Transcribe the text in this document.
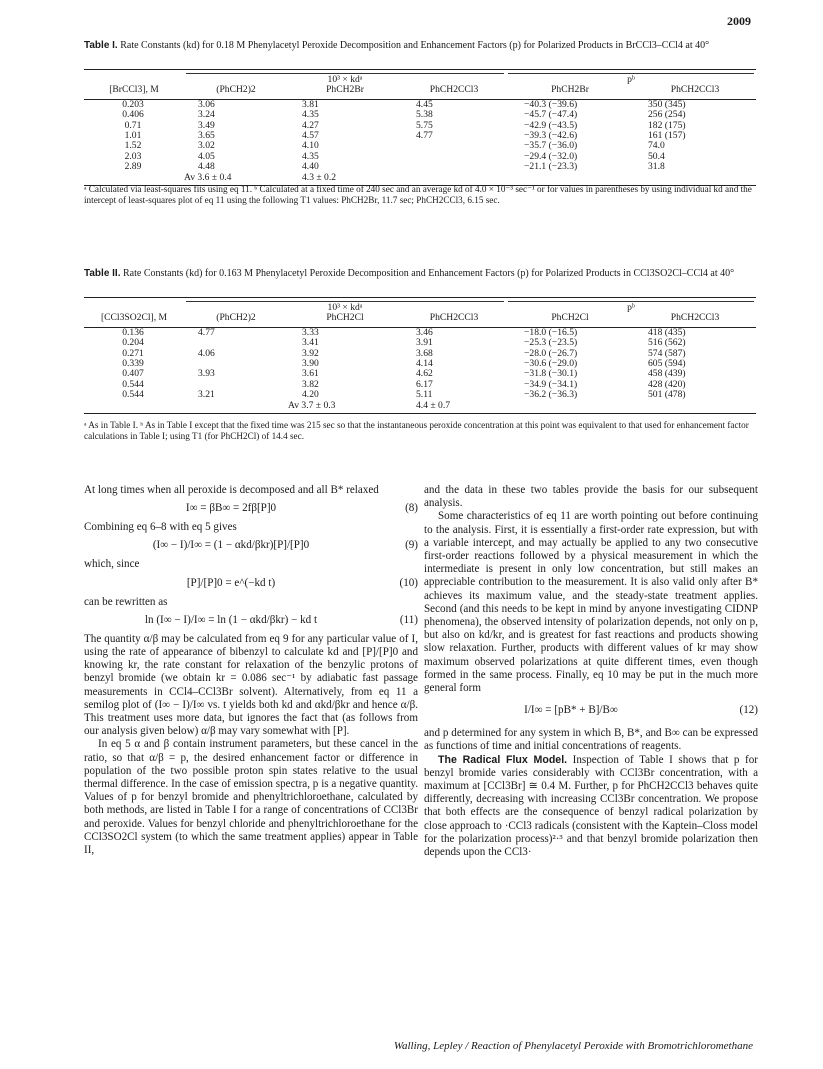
2009
Table I. Rate Constants (kd) for 0.18 M Phenylacetyl Peroxide Decomposition and Enhancement Factors (p) for Polarized Products in BrCCl3–CCl4 at 40°

	10³ × kdᵃ			pᵇ	

[BrCCl3], M	(PhCH2)2	PhCH2Br	PhCH2CCl3	PhCH2Br	PhCH2CCl3
0.203	3.06	3.81	4.45	−40.3 (−39.6)	350 (345)
0.406	3.24	4.35	5.38	−45.7 (−47.4)	256 (254)
0.71	3.49	4.27	5.75	−42.9 (−43.5)	182 (175)
1.01	3.65	4.57	4.77	−39.3 (−42.6)	161 (157)
1.52	3.02	4.10		−35.7 (−36.0)	74.0
2.03	4.05	4.35		−29.4 (−32.0)	50.4
2.89	4.48	4.40		−21.1 (−23.3)	31.8
	Av 3.6 ± 0.4	4.3 ± 0.2			
ᵃ Calculated via least-squares fits using eq 11. ᵇ Calculated at a fixed time of 240 sec and an average kd of 4.0 × 10⁻³ sec⁻¹ or for values in parentheses by using individual kd and the intercept of least-squares plot of eq 11 using the following T1 values: PhCH2Br, 11.7 sec; PhCH2CCl3, 6.15 sec.
Table II. Rate Constants (kd) for 0.163 M Phenylacetyl Peroxide Decomposition and Enhancement Factors (p) for Polarized Products in CCl3SO2Cl–CCl4 at 40°

	10³ × kdᵃ			pᵇ	

[CCl3SO2Cl], M	(PhCH2)2	PhCH2Cl	PhCH2CCl3	PhCH2Cl	PhCH2CCl3
0.136	4.77	3.33	3.46	−18.0 (−16.5)	418 (435)
0.204		3.41	3.91	−25.3 (−23.5)	516 (562)
0.271	4.06	3.92	3.68	−28.0 (−26.7)	574 (587)
0.339		3.90	4.14	−30.6 (−29.0)	605 (594)
0.407	3.93	3.61	4.62	−31.8 (−30.1)	458 (439)
0.544		3.82	6.17	−34.9 (−34.1)	428 (420)
0.544	3.21	4.20	5.11	−36.2 (−36.3)	501 (478)
		Av 3.7 ± 0.3	4.4 ± 0.7		
ᵃ As in Table I. ᵇ As in Table I except that the fixed time was 215 sec so that the instantaneous peroxide concentration at this point was equivalent to that used for enhancement factor calculations in Table I; using T1 (for PhCH2Cl) of 14.4 sec.

At long times when all peroxide is decomposed and all B* relaxed

I∞ = βB∞ = 2fβ[P]0	(8)

Combining eq 6–8 with eq 5 gives

(I∞ − I)/I∞ = (1 − αkd/βkr)[P]/[P]0	(9)

which, since

[P]/[P]0 = e^(−kd t)	(10)

can be rewritten as

ln (I∞ − I)/I∞ = ln (1 − αkd/βkr) − kd t	(11)

The quantity α/β may be calculated from eq 9 for any particular value of I, using the rate of appearance of bibenzyl to calculate kd and [P]/[P]0 and knowing kr, the rate constant for relaxation of the benzylic protons of benzyl bromide (we obtain kr = 0.086 sec⁻¹ by adiabatic fast passage measurements in CCl4–CCl3Br solvent). Alternatively, from eq 11 a semilog plot of (I∞ − I)/I∞ vs. t yields both kd and αkd/βkr and hence α/β. This treatment uses more data, but ignores the fact that (as follows from our analysis given below) α/β may vary somewhat with [P].

In eq 5 α and β contain instrument parameters, but these cancel in the ratio, so that α/β = p, the desired enhancement factor or difference in population of the two possible proton spin states relative to the usual thermal difference. In the case of emission spectra, p is a negative quantity. Values of p for benzyl bromide and phenyltrichloroethane, calculated by both methods, are listed in Table I for a range of concentrations of CCl3Br and peroxide. Values for benzyl chloride and phenyltrichloroethane for the CCl3SO2Cl system (to which the same treatment applies) appear in Table II,

and the data in these two tables provide the basis for our subsequent analysis.

Some characteristics of eq 11 are worth pointing out before continuing to the analysis. First, it is essentially a first-order rate expression, but with a variable intercept, and may actually be applied to any two consecutive first-order reactions followed by a physical measurement in which the intermediate is present in only low concentration, but still makes an appreciable contribution to the measurement. It is also valid only after B* achieves its maximum value, and the steady-state treatment applies. Second (and this needs to be kept in mind by anyone investigating CIDNP phenomena), the observed intensity of polarization depends, not only on p, but also on kd/kr, and is greatest for fast reactions and products showing slow relaxation. Further, products with different values of kr may show maximum observed polarizations at quite different times, even though formed in the same process. Finally, eq 10 may be put in the much more general form

I/I∞ = [pB* + B]/B∞	(12)

and p determined for any system in which B, B*, and B∞ can be expressed as functions of time and initial concentrations of reagents.

The Radical Flux Model. Inspection of Table I shows that p for benzyl bromide varies considerably with CCl3Br concentration, with a maximum at [CCl3Br] ≅ 0.4 M. Further, p for PhCH2CCl3 behaves quite differently, decreasing with increasing CCl3Br concentration. We propose that both effects are the consequence of benzyl radical polarization by close approach to ·CCl3 radicals (consistent with the Kaptein–Closs model for the polarization process)²·³ and that benzyl bromide polarization then depends upon the CCl3·

Walling, Lepley / Reaction of Phenylacetyl Peroxide with Bromotrichloromethane
